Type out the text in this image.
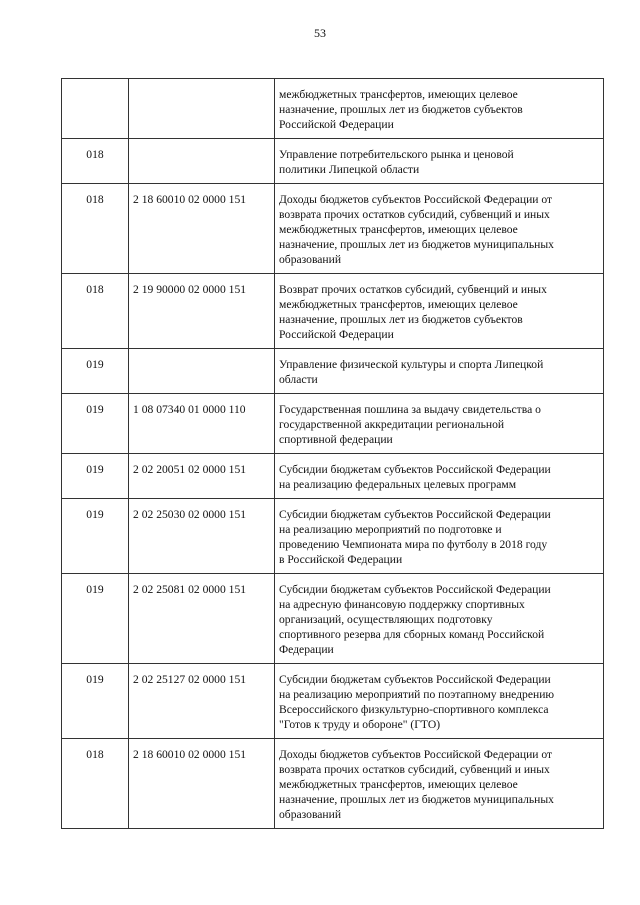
53

		межбюджетных трансфертов, имеющих целевое
назначение, прошлых лет из бюджетов субъектов
Российской Федерации

018		Управление потребительского рынка и ценовой
политики Липецкой области

018	2 18 60010 02 0000 151	Доходы бюджетов субъектов Российской Федерации от
возврата прочих остатков субсидий, субвенций и иных
межбюджетных трансфертов, имеющих целевое
назначение, прошлых лет из бюджетов муниципальных
образований

018	2 19 90000 02 0000 151	Возврат прочих остатков субсидий, субвенций и иных
межбюджетных трансфертов, имеющих целевое
назначение, прошлых лет из бюджетов субъектов
Российской Федерации

019		Управление физической культуры и спорта Липецкой
области

019	1 08 07340 01 0000 110	Государственная пошлина за выдачу свидетельства о
государственной аккредитации региональной
спортивной федерации

019	2 02 20051 02 0000 151	Субсидии бюджетам субъектов Российской Федерации
на реализацию федеральных целевых программ

019	2 02 25030 02 0000 151	Субсидии бюджетам субъектов Российской Федерации
на реализацию мероприятий по подготовке и
проведению Чемпионата мира по футболу в 2018 году
в Российской Федерации

019	2 02 25081 02 0000 151	Субсидии бюджетам субъектов Российской Федерации
на адресную финансовую поддержку спортивных
организаций, осуществляющих подготовку
спортивного резерва для сборных команд Российской
Федерации

019	2 02 25127 02 0000 151	Субсидии бюджетам субъектов Российской Федерации
на реализацию мероприятий по поэтапному внедрению
Всероссийского физкультурно-спортивного комплекса
"Готов к труду и обороне" (ГТО)

018	2 18 60010 02 0000 151	Доходы бюджетов субъектов Российской Федерации от
возврата прочих остатков субсидий, субвенций и иных
межбюджетных трансфертов, имеющих целевое
назначение, прошлых лет из бюджетов муниципальных
образований
